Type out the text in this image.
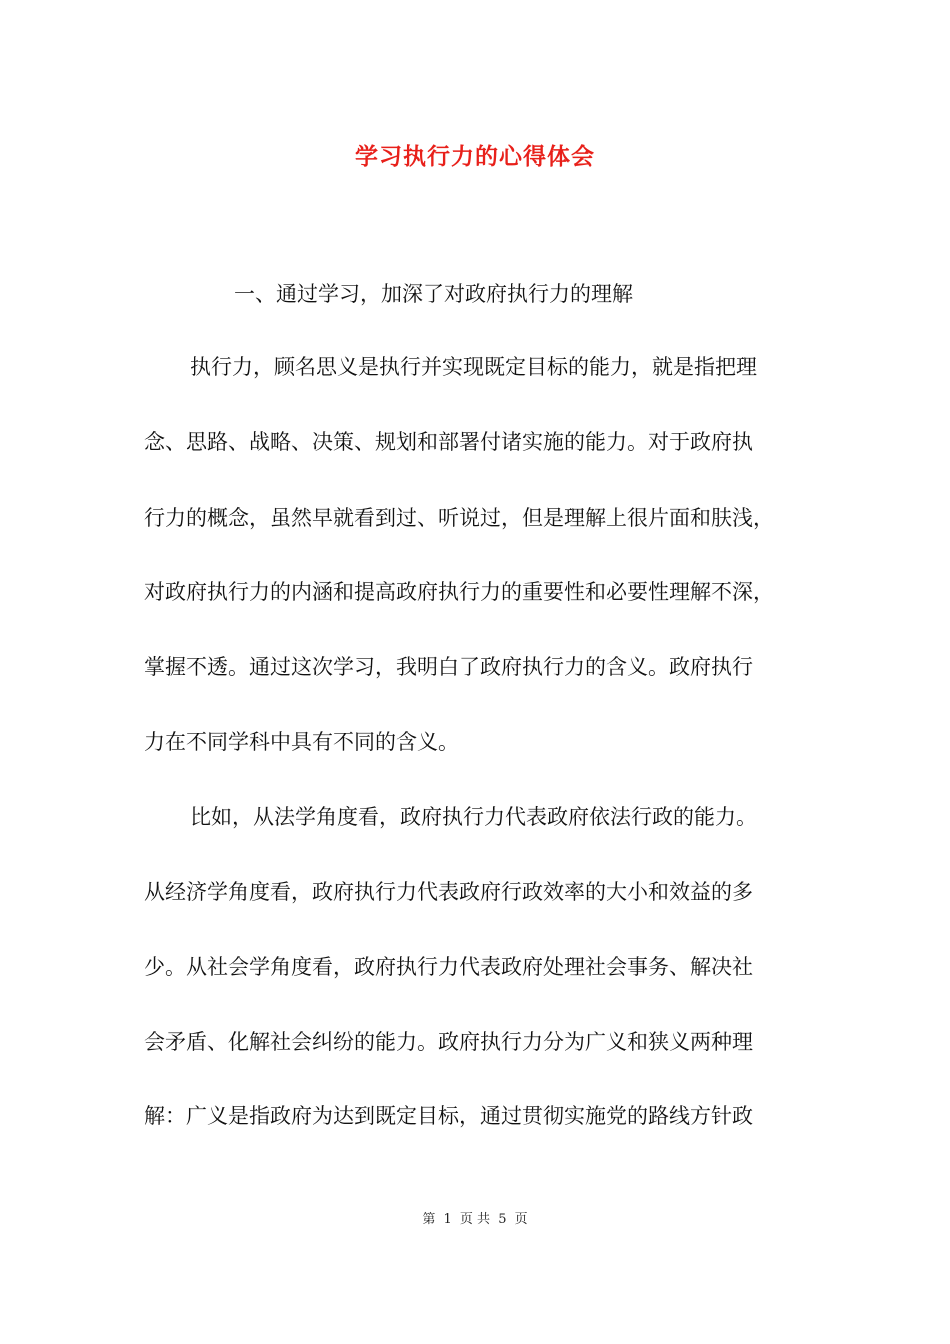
学习执行力的心得体会
一、通过学习，加深了对政府执行力的理解
执行力，顾名思义是执行并实现既定目标的能力，就是指把理
念、思路、战略、决策、规划和部署付诸实施的能力。对于政府执
行力的概念，虽然早就看到过、听说过，但是理解上很片面和肤浅，
对政府执行力的内涵和提高政府执行力的重要性和必要性理解不深，
掌握不透。通过这次学习，我明白了政府执行力的含义。政府执行
力在不同学科中具有不同的含义。
比如，从法学角度看，政府执行力代表政府依法行政的能力。
从经济学角度看，政府执行力代表政府行政效率的大小和效益的多
少。从社会学角度看，政府执行力代表政府处理社会事务、解决社
会矛盾、化解社会纠纷的能力。政府执行力分为广义和狭义两种理
解：广义是指政府为达到既定目标，通过贯彻实施党的路线方针政
第 1 页 共 5 页
